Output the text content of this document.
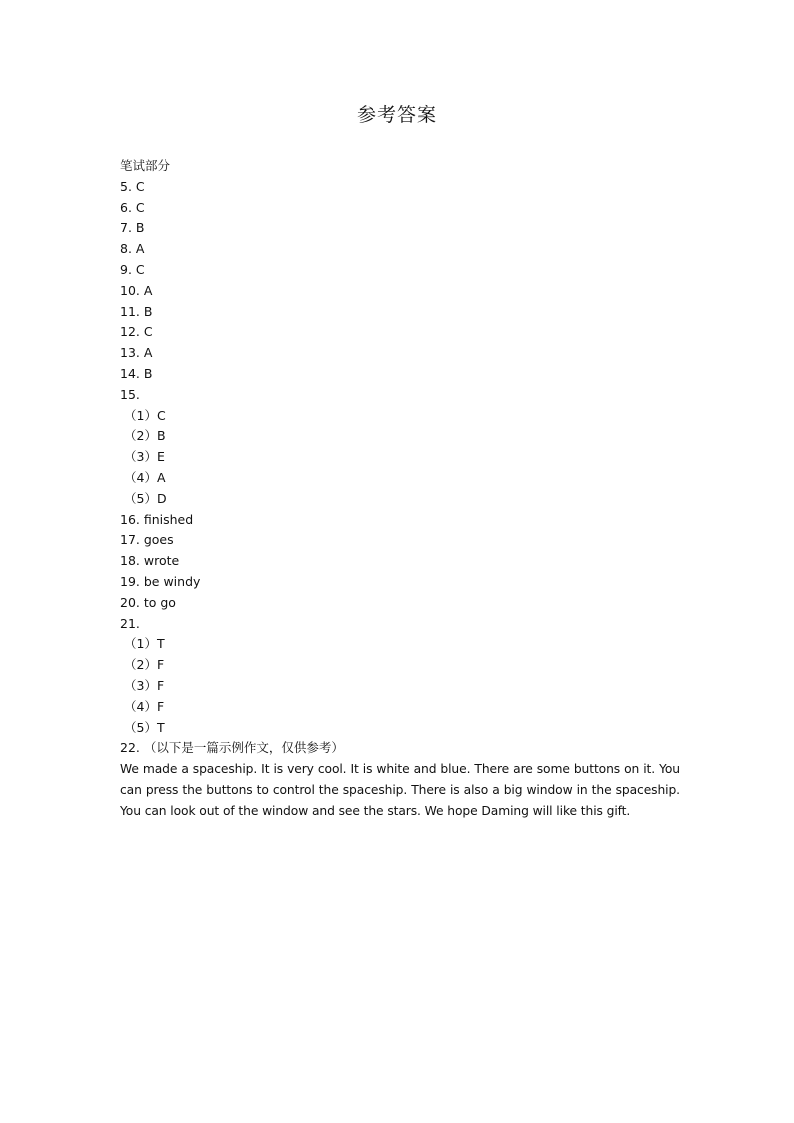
参考答案
笔试部分
5. C
6. C
7. B
8. A
9. C
10. A
11. B
12. C
13. A
14. B
15.
（1）C
（2）B
（3）E
（4）A
（5）D
16. finished
17. goes
18. wrote
19. be windy
20. to go
21.
（1）T
（2）F
（3）F
（4）F
（5）T
22. （以下是一篇示例作文，仅供参考）
We made a spaceship. It is very cool. It is white and blue. There are some buttons on it. You can press the buttons to control the spaceship. There is also a big window in the spaceship. You can look out of the window and see the stars. We hope Daming will like this gift.
